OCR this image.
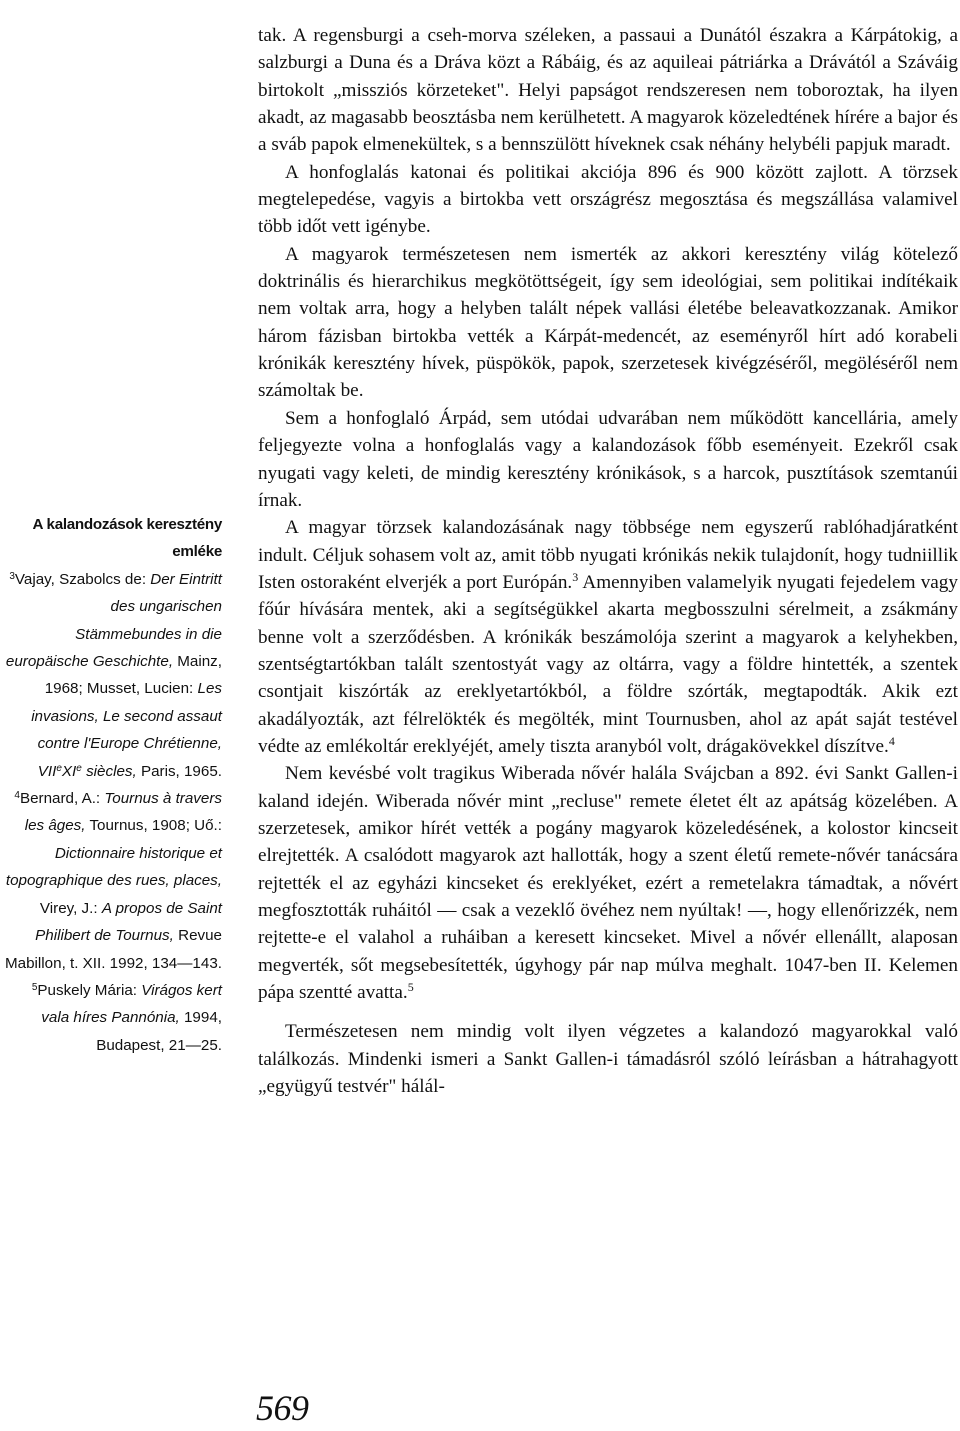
A kalandozások keresztény emléke
$^3$Vajay, Szabolcs de: Der Eintritt des ungarischen Stämmebundes in die europäische Geschichte, Mainz, 1968; Musset, Lucien: Les invasions, Le second assaut contre l'Europe Chrétienne, VIIeXIe siècles, Paris, 1965.
$^4$Bernard, A.: Tournus à travers les âges, Tournus, 1908; Uő.: Dictionnaire historique et topographique des rues, places, Virey, J.: A propos de Saint Philibert de Tournus, Revue Mabillon, t. XII. 1992, 134—143.
$^5$Puskely Mária: Virágos kert vala híres Pannónia, 1994, Budapest, 21—25.

tak. A regensburgi a cseh-morva széleken, a passaui a Dunától északra a Kárpátokig, a salzburgi a Duna és a Dráva közt a Rábáig, és az aquileai pátriárka a Drávától a Száváig birtokolt „missziós körzeteket". Helyi papságot rendszeresen nem toboroztak, ha ilyen akadt, az magasabb beosztásba nem kerülhetett. A magyarok közeledtének hírére a bajor és a sváb papok elmenekültek, s a bennszülött híveknek csak néhány helybéli papjuk maradt.

A honfoglalás katonai és politikai akciója 896 és 900 között zajlott. A törzsek megtelepedése, vagyis a birtokba vett országrész megosztása és megszállása valamivel több időt vett igénybe.

A magyarok természetesen nem ismerték az akkori keresztény világ kötelező doktrinális és hierarchikus megkötöttségeit, így sem ideológiai, sem politikai indítékaik nem voltak arra, hogy a helyben talált népek vallási életébe beleavatkozzanak. Amikor három fázisban birtokba vették a Kárpát-medencét, az eseményről hírt adó korabeli krónikák keresztény hívek, püspökök, papok, szerzetesek kivégzéséről, megöléséről nem számoltak be.

Sem a honfoglaló Árpád, sem utódai udvarában nem működött kancellária, amely feljegyezte volna a honfoglalás vagy a kalandozások főbb eseményeit. Ezekről csak nyugati vagy keleti, de mindig keresztény krónikások, s a harcok, pusztítások szemtanúi írnak.

A magyar törzsek kalandozásának nagy többsége nem egyszerű rablóhadjáratként indult. Céljuk sohasem volt az, amit több nyugati krónikás nekik tulajdonít, hogy tudniillik Isten ostoraként elverjék a port Európán.$^3$ Amennyiben valamelyik nyugati fejedelem vagy főúr hívására mentek, aki a segítségükkel akarta megbosszulni sérelmeit, a zsákmány benne volt a szerződésben. A krónikák beszámolója szerint a magyarok a kelyhekben, szentségtartókban talált szentostyát vagy az oltárra, vagy a földre hintették, a szentek csontjait kiszórták az ereklyetartókból, a földre szórták, megtapodták. Akik ezt akadályozták, azt félrelökték és megölték, mint Tournusben, ahol az apát saját testével védte az emlékoltár ereklyéjét, amely tiszta aranyból volt, drágakövekkel díszítve.$^4$

Nem kevésbé volt tragikus Wiberada nővér halála Svájcban a 892. évi Sankt Gallen-i kaland idején. Wiberada nővér mint „recluse" remete életet élt az apátság közelében. A szerzetesek, amikor hírét vették a pogány magyarok közeledésének, a kolostor kincseit elrejtették. A csalódott magyarok azt hallották, hogy a szent életű remete-nővér tanácsára rejtették el az egyházi kincseket és ereklyéket, ezért a remetelakra támadtak, a nővért megfosztották ruháitól — csak a vezeklő övéhez nem nyúltak! —, hogy ellenőrizzék, nem rejtette-e el valahol a ruháiban a keresett kincseket. Mivel a nővér ellenállt, alaposan megverték, sőt megsebesítették, úgyhogy pár nap múlva meghalt. 1047-ben II. Kelemen pápa szentté avatta.$^5$

Természetesen nem mindig volt ilyen végzetes a kalandozó magyarokkal való találkozás. Mindenki ismeri a Sankt Gallen-i támadásról szóló leírásban a hátrahagyott „együgyű testvér" hálál-

569
